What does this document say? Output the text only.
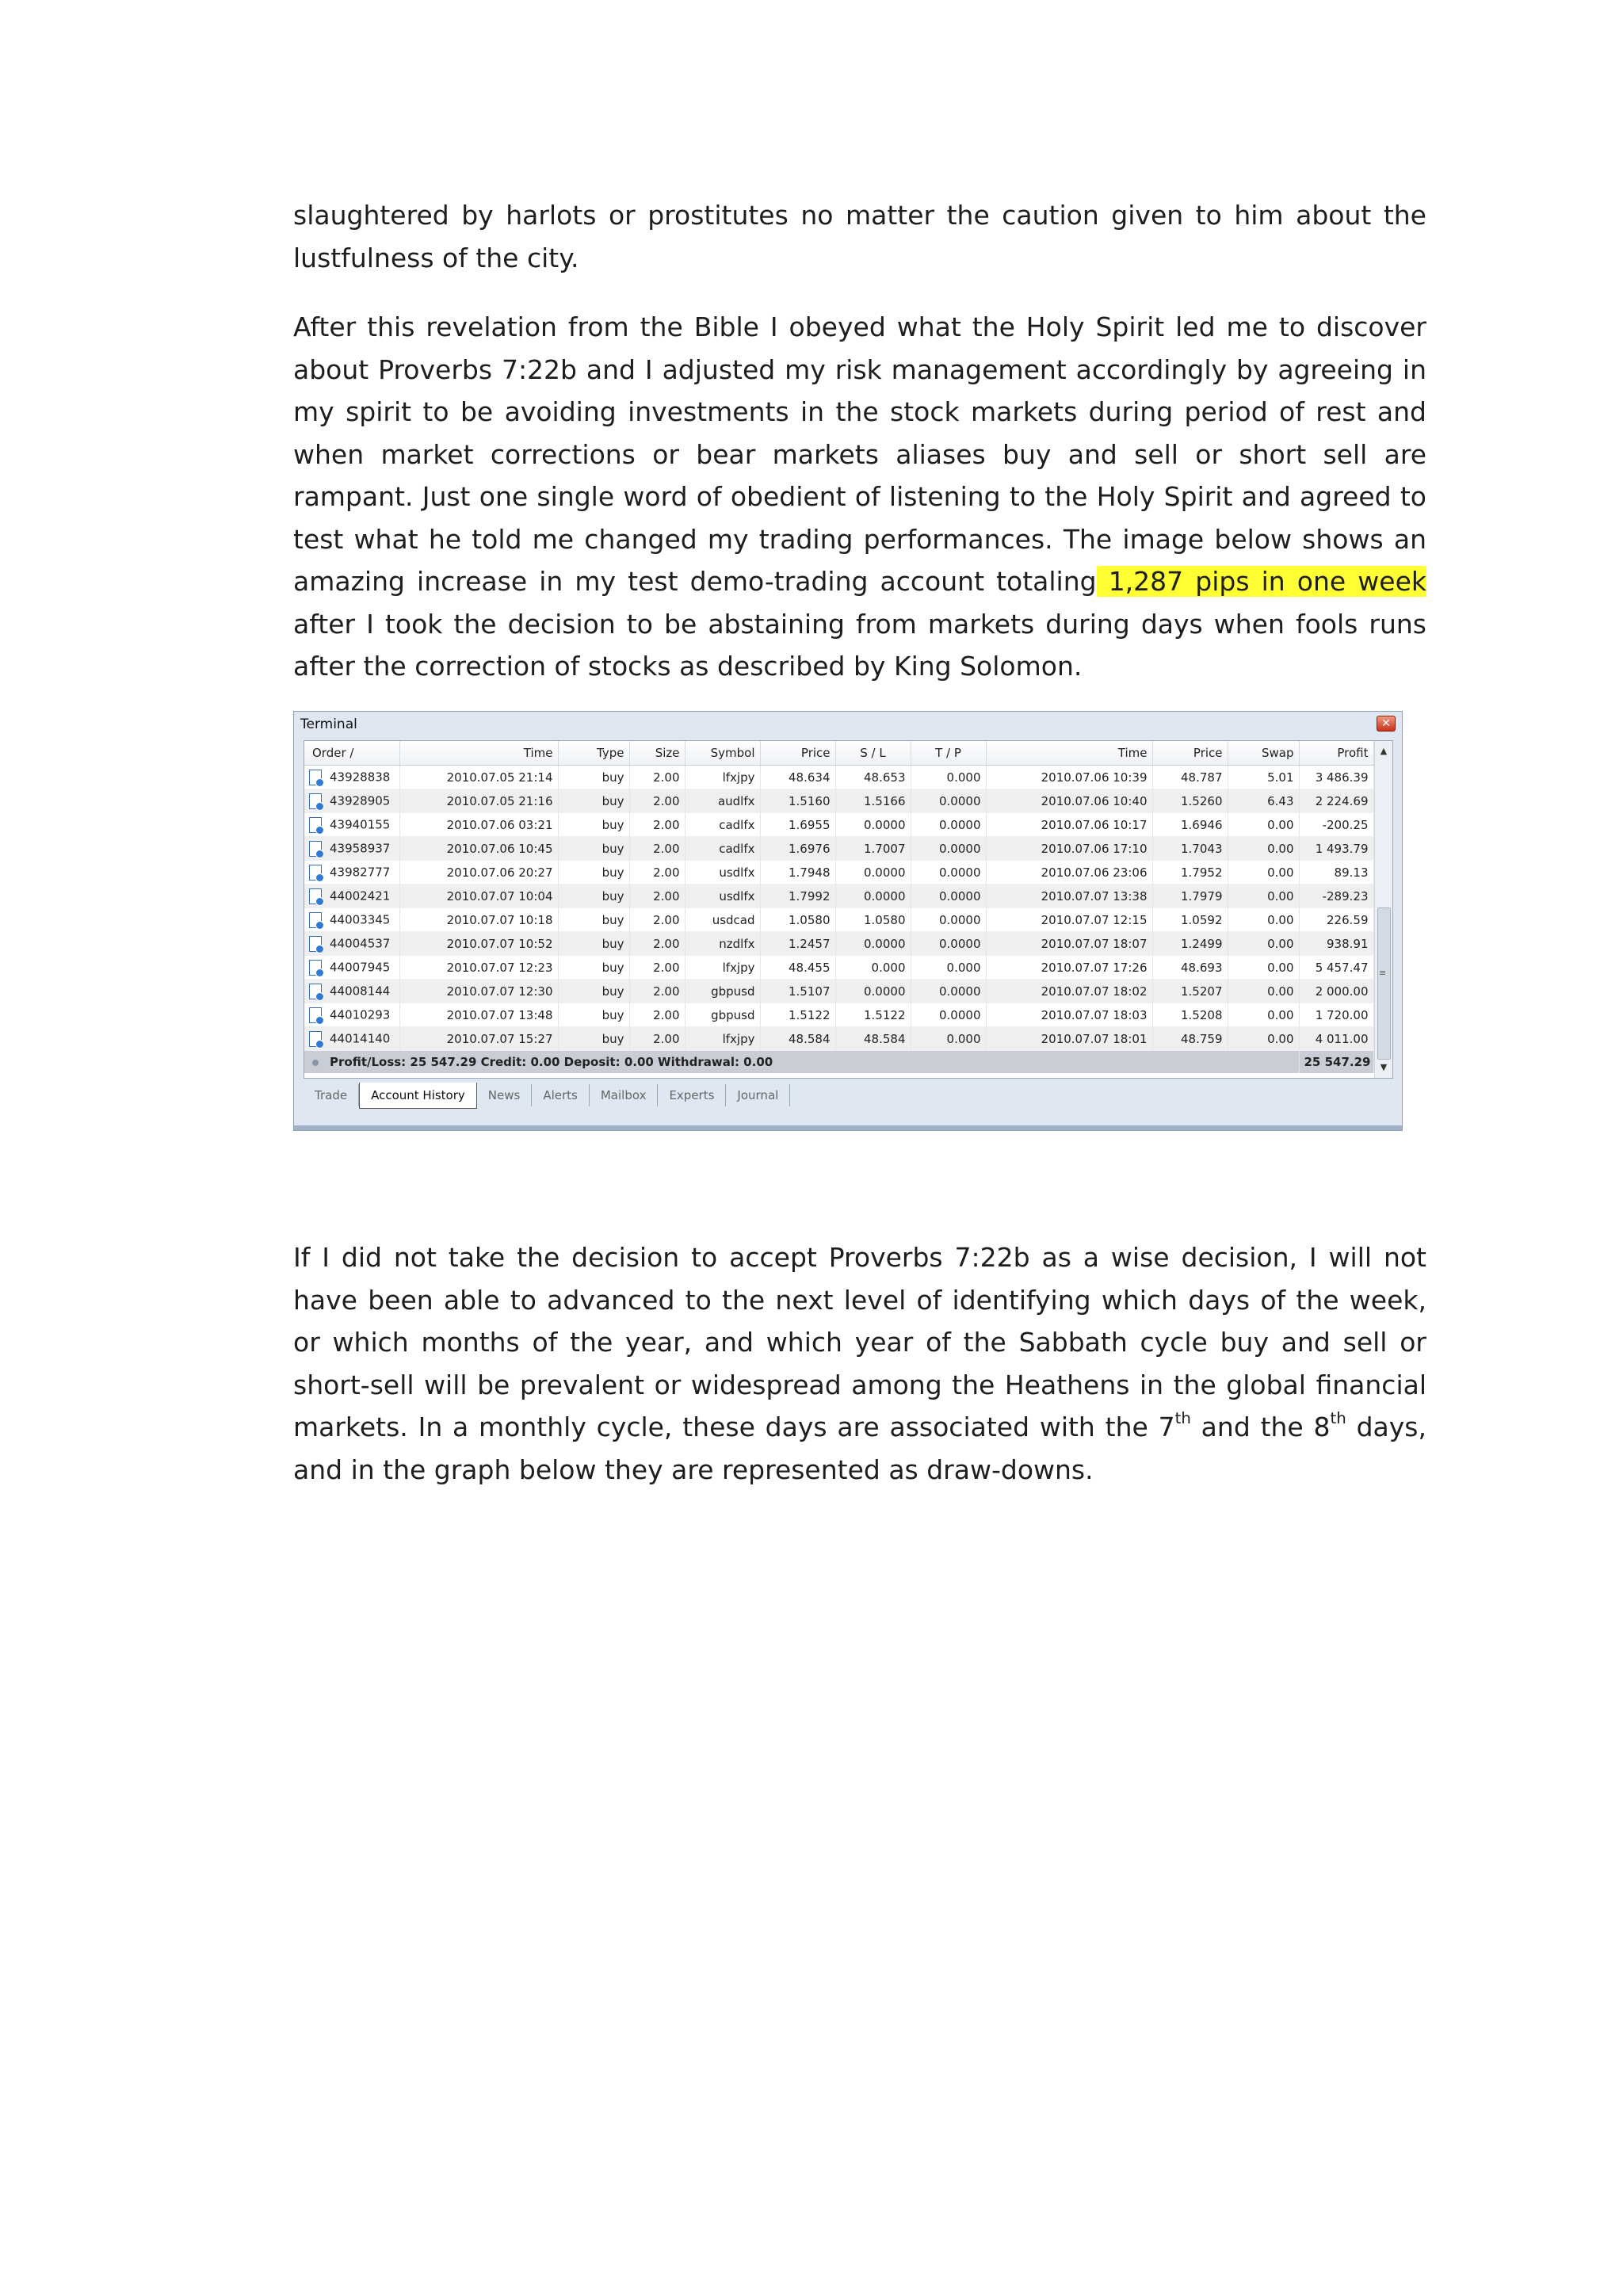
slaughtered by harlots or prostitutes no matter the caution given to him about the lustfulness of the city.

After this revelation from the Bible I obeyed what the Holy Spirit led me to discover about Proverbs 7:22b and I adjusted my risk management accordingly by agreeing in my spirit to be avoiding investments in the stock markets during period of rest and when market corrections or bear markets aliases buy and sell or short sell are rampant. Just one single word of obedient of listening to the Holy Spirit and agreed to test what he told me changed my trading performances. The image below shows an amazing increase in my test demo-trading account totaling 1,287 pips in one week after I took the decision to be abstaining from markets during days when fools runs after the correction of stocks as described by King Solomon.

Terminal	✕
Order /	Time	Type	Size	Symbol	Price	S / L	T / P	Time	Price	Swap	Profit
43928838	2010.07.05 21:14	buy	2.00	lfxjpy	48.634	48.653	0.000	2010.07.06 10:39	48.787	5.01	3 486.39
43928905	2010.07.05 21:16	buy	2.00	audlfx	1.5160	1.5166	0.0000	2010.07.06 10:40	1.5260	6.43	2 224.69
43940155	2010.07.06 03:21	buy	2.00	cadlfx	1.6955	0.0000	0.0000	2010.07.06 10:17	1.6946	0.00	-200.25
43958937	2010.07.06 10:45	buy	2.00	cadlfx	1.6976	1.7007	0.0000	2010.07.06 17:10	1.7043	0.00	1 493.79
43982777	2010.07.06 20:27	buy	2.00	usdlfx	1.7948	0.0000	0.0000	2010.07.06 23:06	1.7952	0.00	89.13
44002421	2010.07.07 10:04	buy	2.00	usdlfx	1.7992	0.0000	0.0000	2010.07.07 13:38	1.7979	0.00	-289.23
44003345	2010.07.07 10:18	buy	2.00	usdcad	1.0580	1.0580	0.0000	2010.07.07 12:15	1.0592	0.00	226.59
44004537	2010.07.07 10:52	buy	2.00	nzdlfx	1.2457	0.0000	0.0000	2010.07.07 18:07	1.2499	0.00	938.91
44007945	2010.07.07 12:23	buy	2.00	lfxjpy	48.455	0.000	0.000	2010.07.07 17:26	48.693	0.00	5 457.47
44008144	2010.07.07 12:30	buy	2.00	gbpusd	1.5107	0.0000	0.0000	2010.07.07 18:02	1.5207	0.00	2 000.00
44010293	2010.07.07 13:48	buy	2.00	gbpusd	1.5122	1.5122	0.0000	2010.07.07 18:03	1.5208	0.00	1 720.00
44014140	2010.07.07 15:27	buy	2.00	lfxjpy	48.584	48.584	0.000	2010.07.07 18:01	48.759	0.00	4 011.00
Profit/Loss: 25 547.29 Credit: 0.00 Deposit: 0.00 Withdrawal: 0.00											25 547.29
▲
≡
▼
Trade	Account History	News	Alerts	Mailbox	Experts	Journal

If I did not take the decision to accept Proverbs 7:22b as a wise decision, I will not have been able to advanced to the next level of identifying which days of the week, or which months of the year, and which year of the Sabbath cycle buy and sell or short-sell will be prevalent or widespread among the Heathens in the global financial markets. In a monthly cycle, these days are associated with the 7th and the 8th days, and in the graph below they are represented as draw-downs.
